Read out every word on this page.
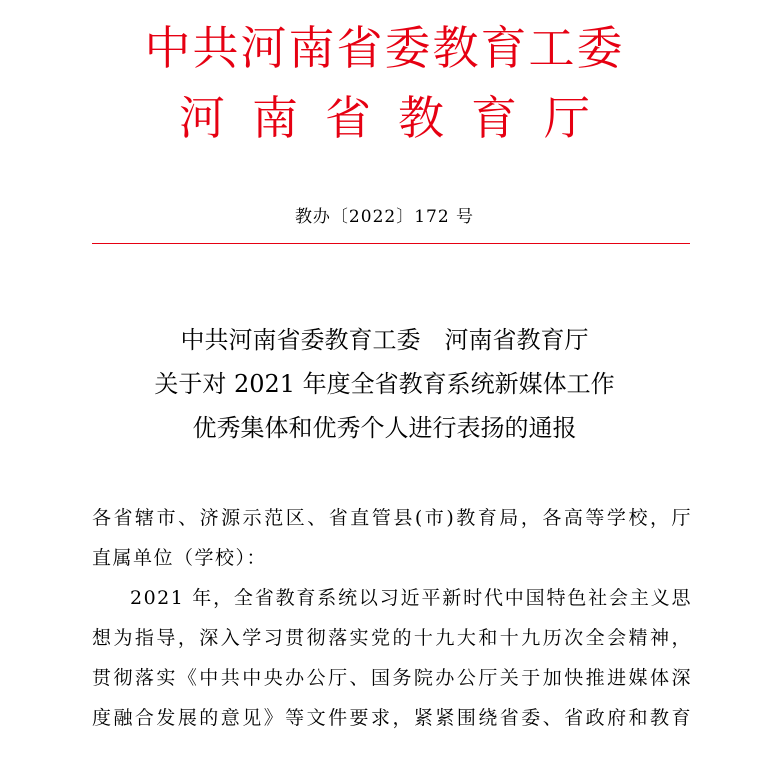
中共河南省委教育工委
河南省教育厅
教办〔2022〕172 号
中共河南省委教育工委　河南省教育厅
关于对 2021 年度全省教育系统新媒体工作
优秀集体和优秀个人进行表扬的通报

各省辖市、济源示范区、省直管县(市)教育局，各高等学校，厅
直属单位（学校）：

2021 年，全省教育系统以习近平新时代中国特色社会主义思
想为指导，深入学习贯彻落实党的十九大和十九历次全会精神，
贯彻落实《中共中央办公厅、国务院办公厅关于加快推进媒体深
度融合发展的意见》等文件要求，紧紧围绕省委、省政府和教育
